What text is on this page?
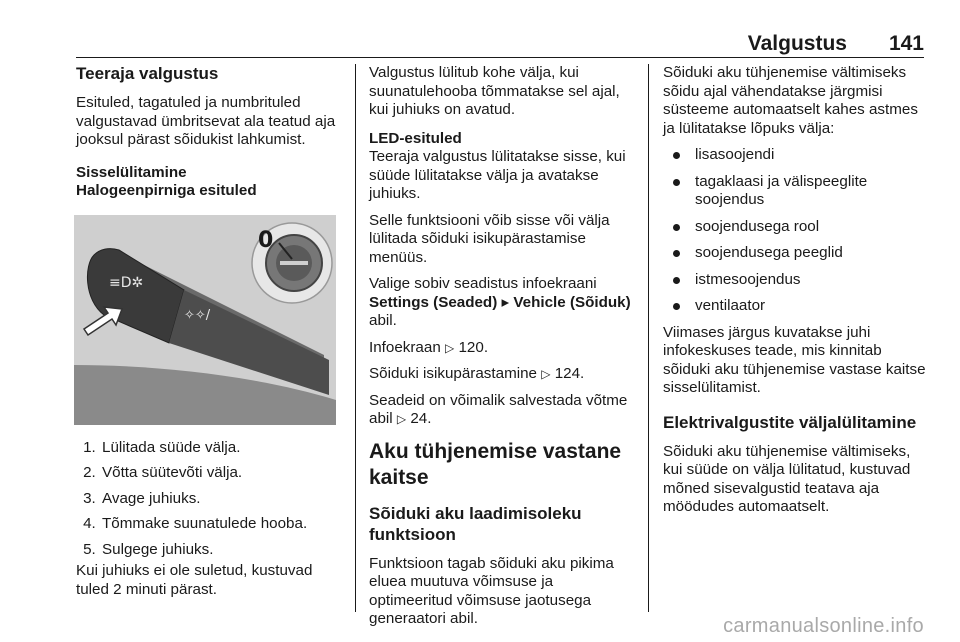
Valgustus 141
Teeraja valgustus

Esituled, tagatuled ja numbrituled valgustavad ümbritsevat ala teatud aja jooksul pärast sõidukist lahkumist.

Sisselülitamine
Halogeenpirniga esituled
≡D✲
✧✧/
0
1. Lülitada süüde välja.
2. Võtta süütevõti välja.
3. Avage juhiuks.
4. Tõmmake suunatulede hooba.
5. Sulgege juhiuks.

Kui juhiuks ei ole suletud, kustuvad tuled 2 minuti pärast.

Valgustus lülitub kohe välja, kui suunatulehooba tõmmatakse sel ajal, kui juhiuks on avatud.

LED-esituled

Teeraja valgustus lülitatakse sisse, kui süüde lülitatakse välja ja avatakse juhiuks.

Selle funktsiooni võib sisse või välja lülitada sõiduki isikupärastamise menüüs.

Valige sobiv seadistus infoekraani Settings (Seaded) ▸ Vehicle (Sõiduk) abil.

Infoekraan ▷ 120.

Sõiduki isikupärastamine ▷ 124.

Seadeid on võimalik salvestada võtme abil ▷ 24.

Aku tühjenemise vastane kaitse
Sõiduki aku laadimisoleku funktsioon

Funktsioon tagab sõiduki aku pikima eluea muutuva võimsuse ja optimeeritud võimsuse jaotusega generaatori abil.

Sõiduki aku tühjenemise vältimiseks sõidu ajal vähendatakse järgmisi süsteeme automaatselt kahes astmes ja lülitatakse lõpuks välja:

lisasoojendi
tagaklaasi ja välispeeglite soojendus
soojendusega rool
soojendusega peeglid
istmesoojendus
ventilaator

Viimases järgus kuvatakse juhi infokeskuses teade, mis kinnitab sõiduki aku tühjenemise vastase kaitse sisselülitamist.

Elektrivalgustite väljalülitamine

Sõiduki aku tühjenemise vältimiseks, kui süüde on välja lülitatud, kustuvad mõned sisevalgustid teatava aja möödudes automaatselt.

carmanualsonline.info
